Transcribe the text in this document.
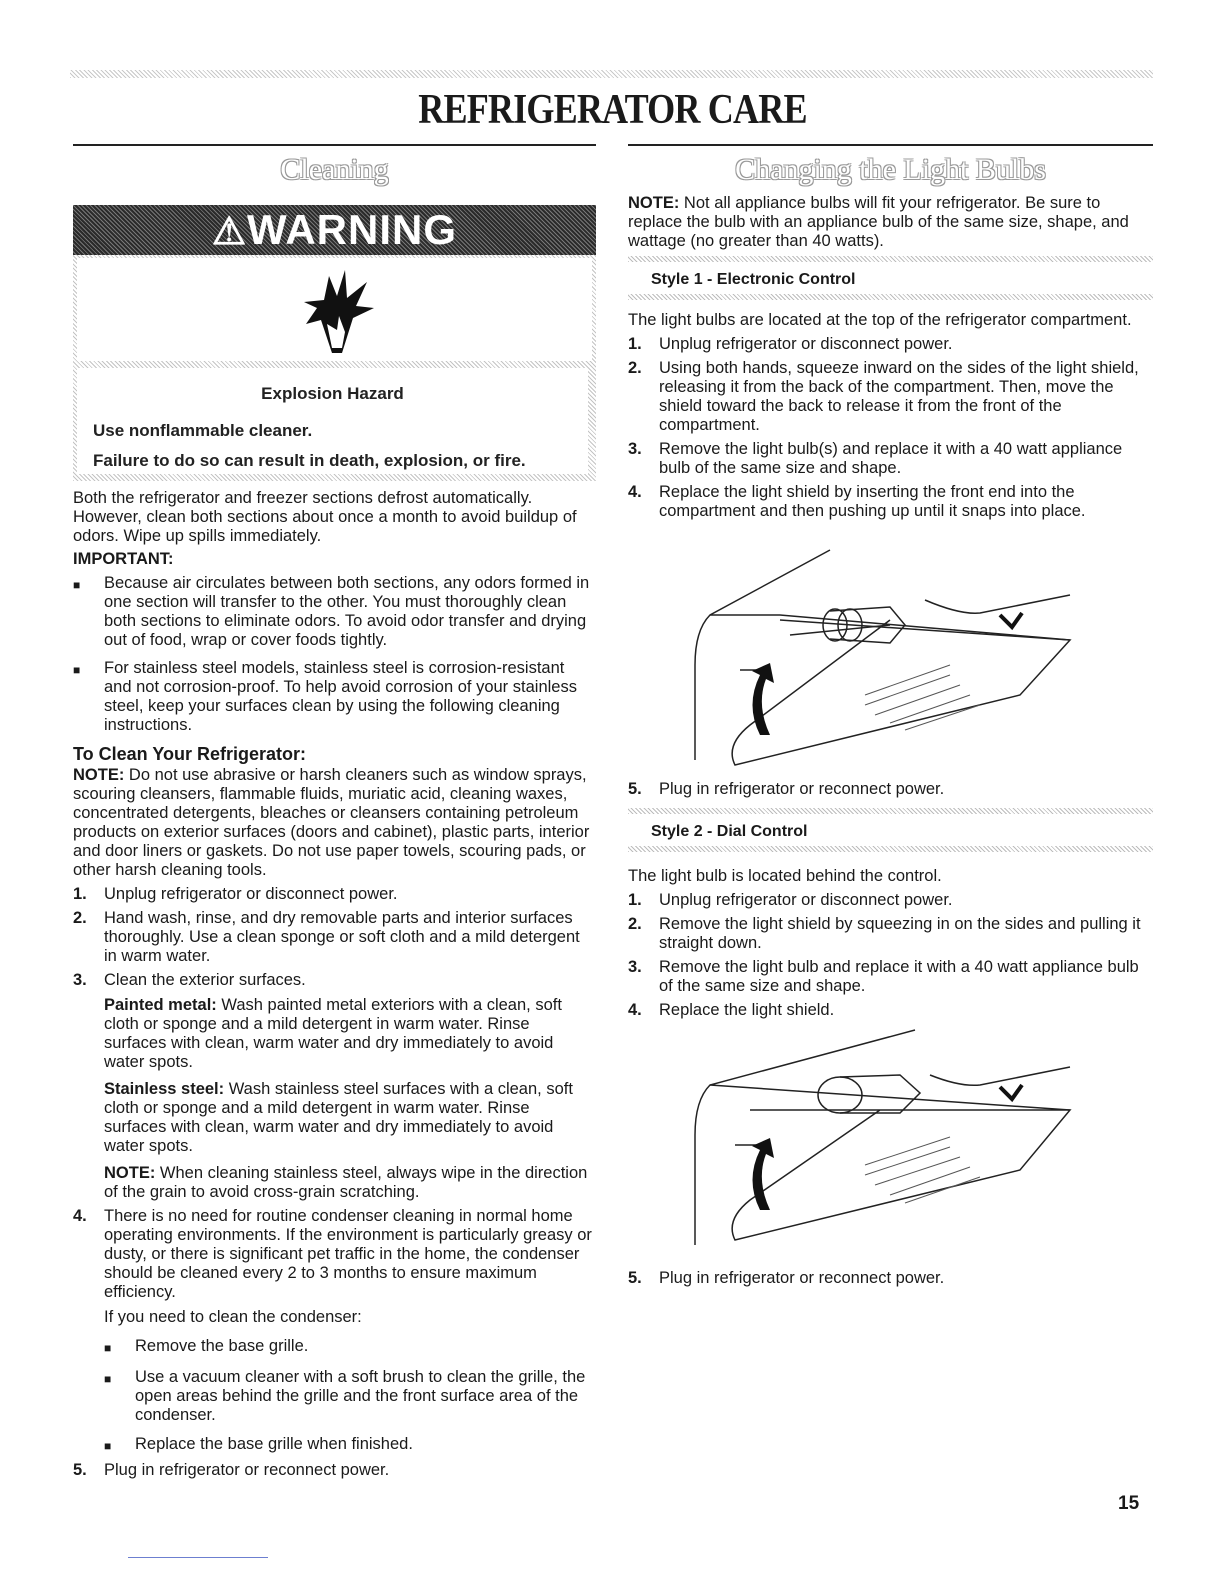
REFRIGERATOR CARE
Cleaning	Changing the Light Bulbs
⚠WARNING

Explosion Hazard

Use nonflammable cleaner.

Failure to do so can result in death, explosion, or fire.

Both the refrigerator and freezer sections defrost automatically. However, clean both sections about once a month to avoid buildup of odors. Wipe up spills immediately.

IMPORTANT:

■	Because air circulates between both sections, any odors formed in one section will transfer to the other. You must thoroughly clean both sections to eliminate odors. To avoid odor transfer and drying out of food, wrap or cover foods tightly.
■	For stainless steel models, stainless steel is corrosion-resistant and not corrosion-proof. To help avoid corrosion of your stainless steel, keep your surfaces clean by using the following cleaning instructions.

To Clean Your Refrigerator:

NOTE: Do not use abrasive or harsh cleaners such as window sprays, scouring cleansers, flammable fluids, muriatic acid, cleaning waxes, concentrated detergents, bleaches or cleansers containing petroleum products on exterior surfaces (doors and cabinet), plastic parts, interior and door liners or gaskets. Do not use paper towels, scouring pads, or other harsh cleaning tools.

1.	Unplug refrigerator or disconnect power.
2.	Hand wash, rinse, and dry removable parts and interior surfaces thoroughly. Use a clean sponge or soft cloth and a mild detergent in warm water.
3.	Clean the exterior surfaces.

Painted metal: Wash painted metal exteriors with a clean, soft cloth or sponge and a mild detergent in warm water. Rinse surfaces with clean, warm water and dry immediately to avoid water spots.

Stainless steel: Wash stainless steel surfaces with a clean, soft cloth or sponge and a mild detergent in warm water. Rinse surfaces with clean, warm water and dry immediately to avoid water spots.

NOTE: When cleaning stainless steel, always wipe in the direction of the grain to avoid cross-grain scratching.

4.	There is no need for routine condenser cleaning in normal home operating environments. If the environment is particularly greasy or dusty, or there is significant pet traffic in the home, the condenser should be cleaned every 2 to 3 months to ensure maximum efficiency.

If you need to clean the condenser:

■	Remove the base grille.
■	Use a vacuum cleaner with a soft brush to clean the grille, the open areas behind the grille and the front surface area of the condenser.
■	Replace the base grille when finished.
5.	Plug in refrigerator or reconnect power.

NOTE: Not all appliance bulbs will fit your refrigerator. Be sure to replace the bulb with an appliance bulb of the same size, shape, and wattage (no greater than 40 watts).

Style 1 - Electronic Control

The light bulbs are located at the top of the refrigerator compartment.

1.	Unplug refrigerator or disconnect power.
2.	Using both hands, squeeze inward on the sides of the light shield, releasing it from the back of the compartment. Then, move the shield toward the back to release it from the front of the compartment.
3.	Remove the light bulb(s) and replace it with a 40 watt appliance bulb of the same size and shape.
4.	Replace the light shield by inserting the front end into the compartment and then pushing up until it snaps into place.
5.	Plug in refrigerator or reconnect power.
Style 2 - Dial Control

The light bulb is located behind the control.

1.	Unplug refrigerator or disconnect power.
2.	Remove the light shield by squeezing in on the sides and pulling it straight down.
3.	Remove the light bulb and replace it with a 40 watt appliance bulb of the same size and shape.
4.	Replace the light shield.
5.	Plug in refrigerator or reconnect power.
15
